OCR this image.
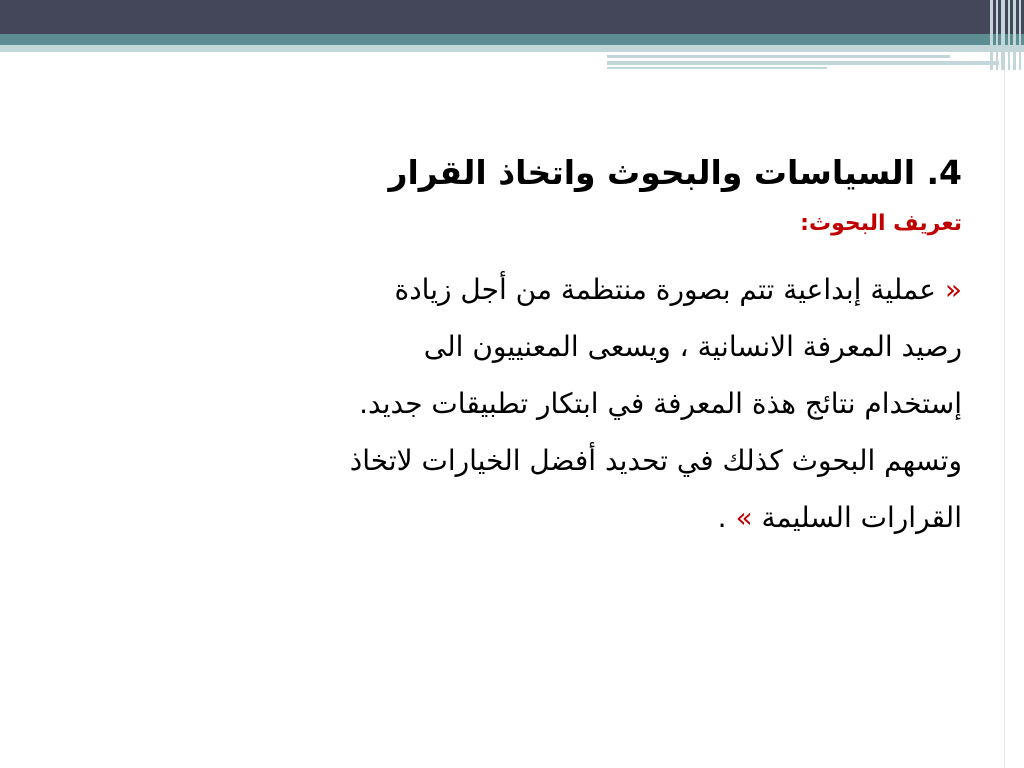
4. السياسات والبحوث واتخاذ القرار
تعريف البحوث:
« عملية إبداعية تتم بصورة منتظمة من أجل زيادة
رصيد المعرفة الانسانية ، ويسعى المعنييون الى
إستخدام نتائج هذة المعرفة في ابتكار تطبيقات جديد.
وتسهم البحوث كذلك في تحديد أفضل الخيارات لاتخاذ
القرارات السليمة » .
